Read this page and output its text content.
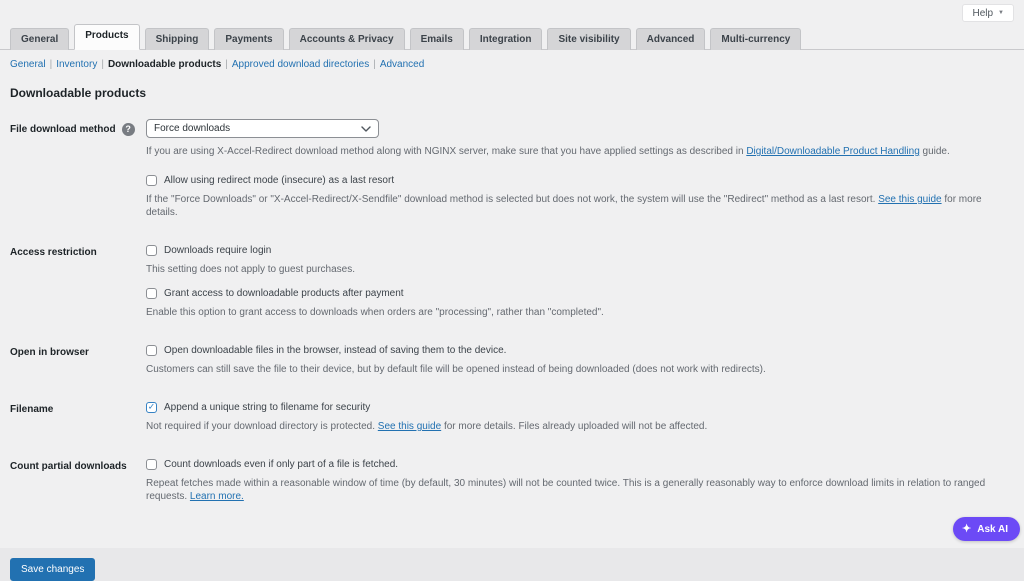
Help ▼
General	Products	Shipping	Payments	Accounts & Privacy	Emails	Integration	Site visibility	Advanced	Multi-currency
General | Inventory | Downloadable products | Approved download directories | Advanced
Downloadable products
File download method	?	Force downloads

If you are using X-Accel-Redirect download method along with NGINX server, make sure that you have applied settings as described in Digital/Downloadable Product Handling guide.

Allow using redirect mode (insecure) as a last resort

If the "Force Downloads" or "X-Accel-Redirect/X-Sendfile" download method is selected but does not work, the system will use the "Redirect" method as a last resort. See this guide for more details.

Access restriction	Downloads require login

This setting does not apply to guest purchases.

Grant access to downloadable products after payment

Enable this option to grant access to downloads when orders are "processing", rather than "completed".

Open in browser	Open downloadable files in the browser, instead of saving them to the device.

Customers can still save the file to their device, but by default file will be opened instead of being downloaded (does not work with redirects).

Filename	✓ Append a unique string to filename for security

Not required if your download directory is protected. See this guide for more details. Files already uploaded will not be affected.

Count partial downloads	Count downloads even if only part of a file is fetched.

Repeat fetches made within a reasonable window of time (by default, 30 minutes) will not be counted twice. This is a generally reasonably way to enforce download limits in relation to ranged requests. Learn more.

Save changes
✦ Ask AI
